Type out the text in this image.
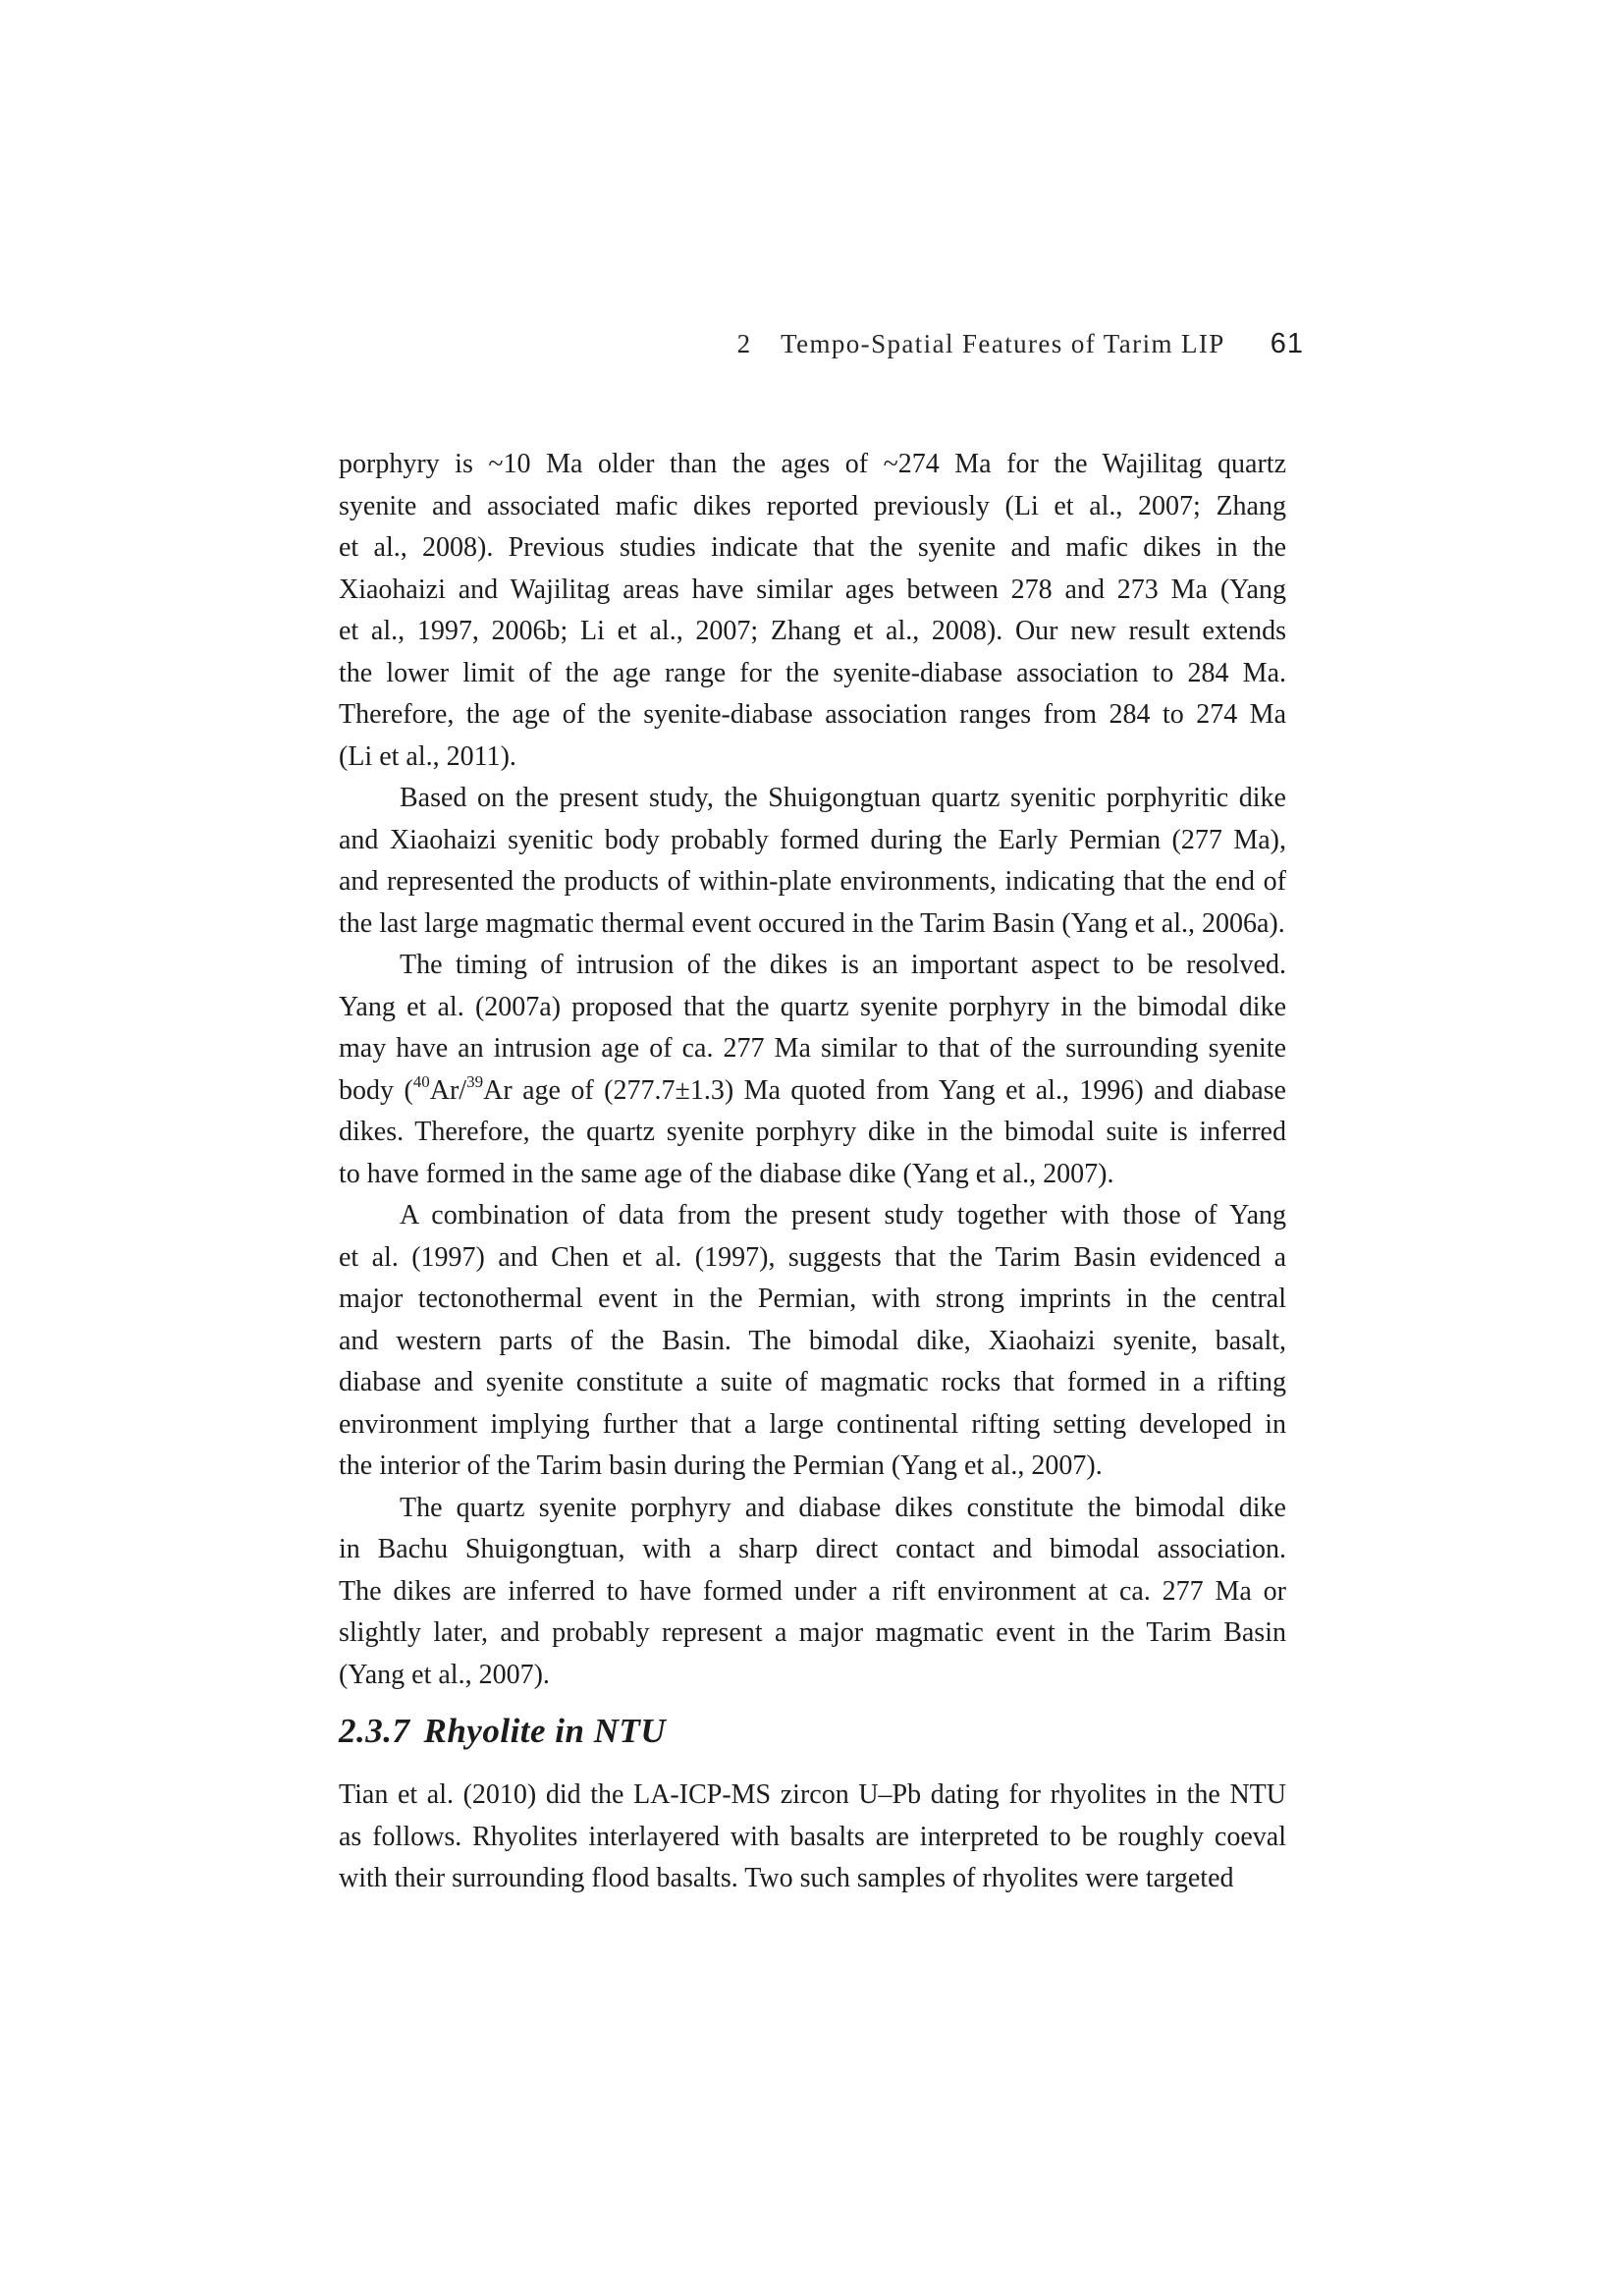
2 Tempo-Spatial Features of Tarim LIP 61
porphyry is ~10 Ma older than the ages of ~274 Ma for the Wajilitag quartz
syenite and associated mafic dikes reported previously (Li et al., 2007; Zhang
et al., 2008). Previous studies indicate that the syenite and mafic dikes in the
Xiaohaizi and Wajilitag areas have similar ages between 278 and 273 Ma (Yang
et al., 1997, 2006b; Li et al., 2007; Zhang et al., 2008). Our new result extends
the lower limit of the age range for the syenite-diabase association to 284 Ma.
Therefore, the age of the syenite-diabase association ranges from 284 to 274 Ma
(Li et al., 2011).
Based on the present study, the Shuigongtuan quartz syenitic porphyritic dike
and Xiaohaizi syenitic body probably formed during the Early Permian (277 Ma),
and represented the products of within-plate environments, indicating that the end of
the last large magmatic thermal event occured in the Tarim Basin (Yang et al., 2006a).
The timing of intrusion of the dikes is an important aspect to be resolved.
Yang et al. (2007a) proposed that the quartz syenite porphyry in the bimodal dike
may have an intrusion age of ca. 277 Ma similar to that of the surrounding syenite
body ($^{40}$Ar/$^{39}$Ar age of (277.7±1.3) Ma quoted from Yang et al., 1996) and diabase
dikes. Therefore, the quartz syenite porphyry dike in the bimodal suite is inferred
to have formed in the same age of the diabase dike (Yang et al., 2007).
A combination of data from the present study together with those of Yang
et al. (1997) and Chen et al. (1997), suggests that the Tarim Basin evidenced a
major tectonothermal event in the Permian, with strong imprints in the central
and western parts of the Basin. The bimodal dike, Xiaohaizi syenite, basalt,
diabase and syenite constitute a suite of magmatic rocks that formed in a rifting
environment implying further that a large continental rifting setting developed in
the interior of the Tarim basin during the Permian (Yang et al., 2007).
The quartz syenite porphyry and diabase dikes constitute the bimodal dike
in Bachu Shuigongtuan, with a sharp direct contact and bimodal association.
The dikes are inferred to have formed under a rift environment at ca. 277 Ma or
slightly later, and probably represent a major magmatic event in the Tarim Basin
(Yang et al., 2007).
2.3.7 Rhyolite in NTU
Tian et al. (2010) did the LA-ICP-MS zircon U–Pb dating for rhyolites in the NTU
as follows. Rhyolites interlayered with basalts are interpreted to be roughly coeval
with their surrounding flood basalts. Two such samples of rhyolites were targeted
